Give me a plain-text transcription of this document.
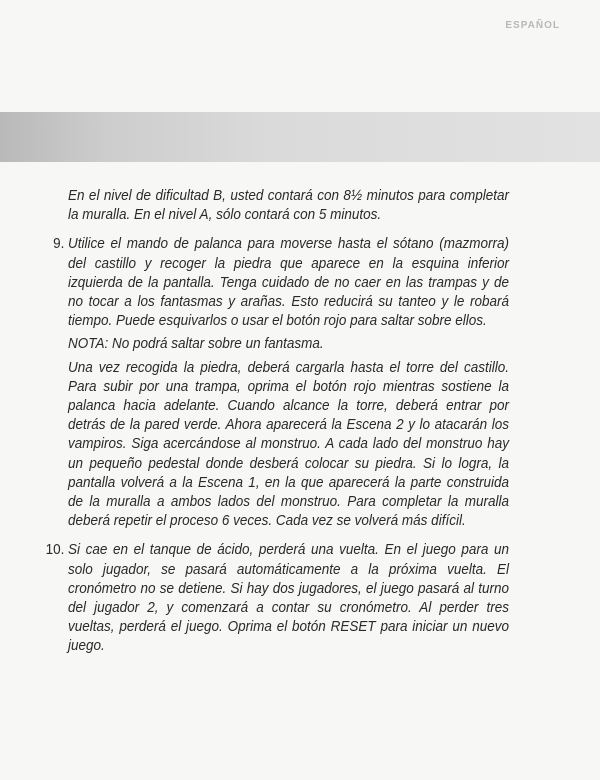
ESPAÑOL

En el nivel de dificultad B, usted contará con 8½ minutos para completar la muralla. En el nivel A, sólo contará con 5 minutos.

9. Utilice el mando de palanca para moverse hasta el sótano (mazmorra) del castillo y recoger la piedra que aparece en la esquina inferior izquierda de la pantalla. Tenga cuidado de no caer en las trampas y de no tocar a los fantasmas y arañas. Esto reducirá su tanteo y le robará tiempo. Puede esquivarlos o usar el botón rojo para saltar sobre ellos.

NOTA: No podrá saltar sobre un fantasma.

Una vez recogida la piedra, deberá cargarla hasta el torre del castillo. Para subir por una trampa, oprima el botón rojo mientras sostiene la palanca hacia adelante. Cuando alcance la torre, deberá entrar por detrás de la pared verde. Ahora aparecerá la Escena 2 y lo atacarán los vampiros. Siga acercándose al monstruo. A cada lado del monstruo hay un pequeño pedestal donde desberá colocar su piedra. Si lo logra, la pantalla volverá a la Escena 1, en la que aparecerá la parte construida de la muralla a ambos lados del monstruo. Para completar la muralla deberá repetir el proceso 6 veces. Cada vez se volverá más difícil.

10. Si cae en el tanque de ácido, perderá una vuelta. En el juego para un solo jugador, se pasará automáticamente a la próxima vuelta. El cronómetro no se detiene. Si hay dos jugadores, el juego pasará al turno del jugador 2, y comenzará a contar su cronómetro. Al perder tres vueltas, perderá el juego. Oprima el botón RESET para iniciar un nuevo juego.
